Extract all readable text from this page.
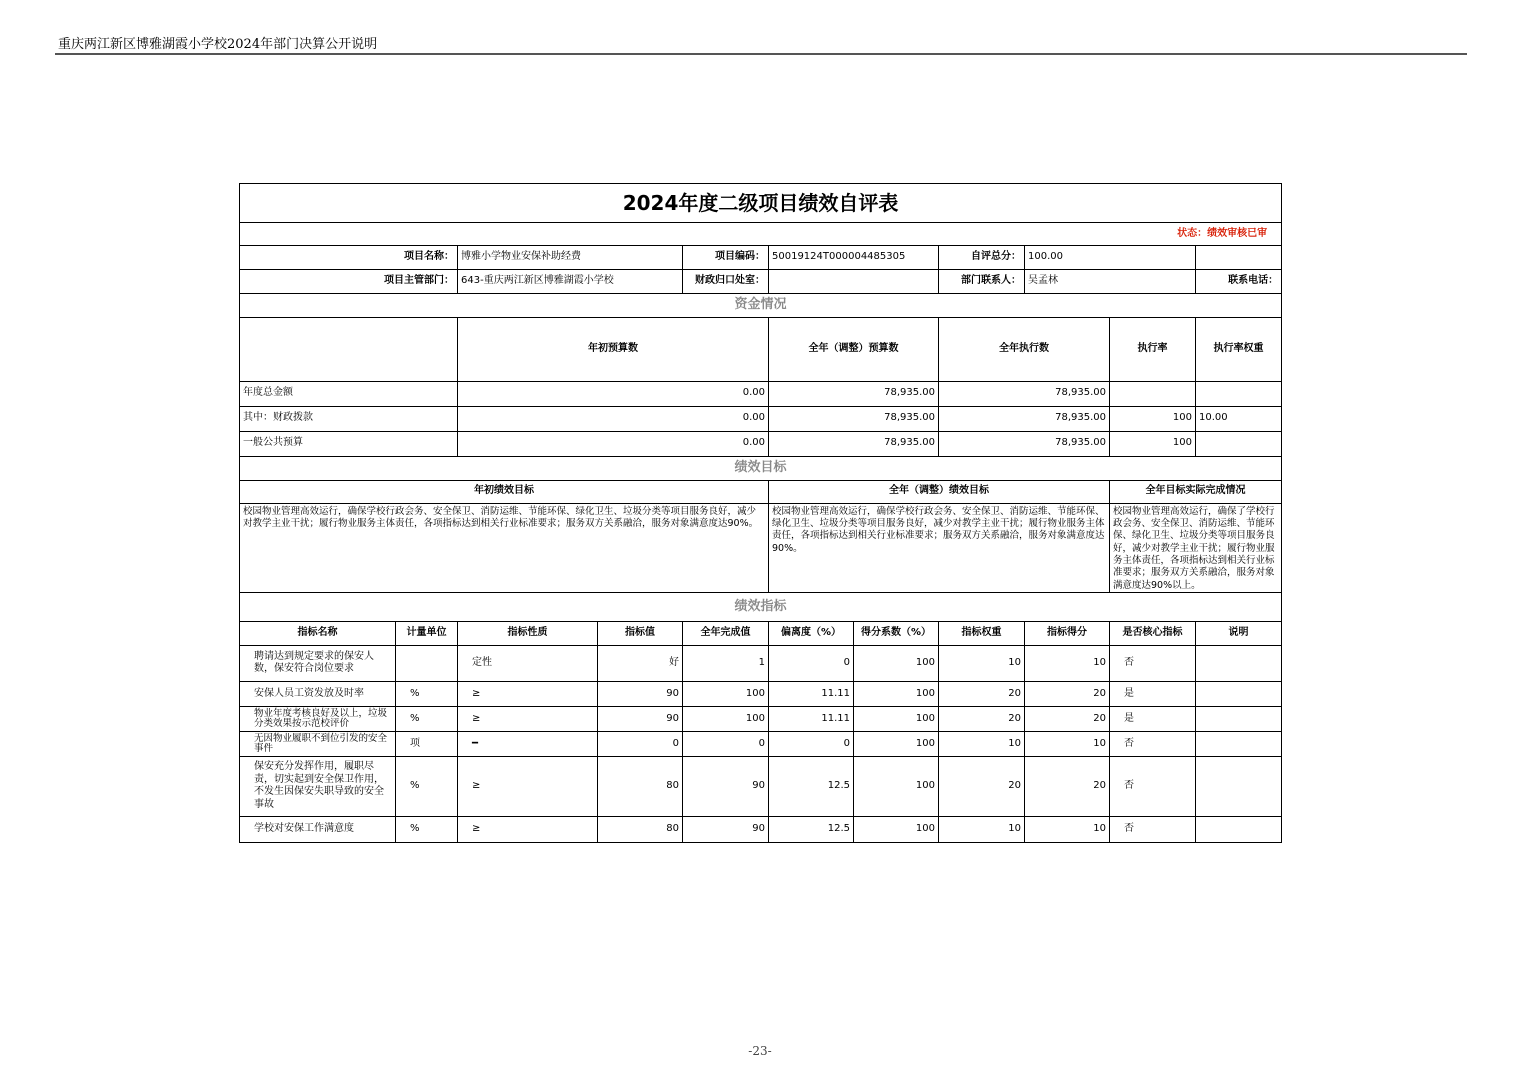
重庆两江新区博雅湖霞小学校2024年部门决算公开说明
2024年度二级项目绩效自评表											
状态：绩效审核已审											
项目名称：		博雅小学物业安保补助经费		项目编码：	50019124T000004485305		自评总分：	100.00			
项目主管部门：		643-重庆两江新区博雅湖霞小学校		财政归口处室：			部门联系人：	吴孟林		联系电话：	
资金情况											
		年初预算数			全年（调整）预算数		全年执行数		执行率	执行率权重	
年度总金额		0.00			78,935.00		78,935.00				
其中：财政拨款		0.00			78,935.00		78,935.00		100	10.00	
一般公共预算		0.00			78,935.00		78,935.00		100		
绩效目标											
年初绩效目标					全年（调整）绩效目标				全年目标实际完成情况		
校园物业管理高效运行，确保学校行政会务、安全保卫、消防运维、节能环保、绿化卫生、垃圾分类等项目服务良好，减少对教学主业干扰；履行物业服务主体责任，各项指标达到相关行业标准要求；服务双方关系融洽，服务对象满意度达90%。					校园物业管理高效运行，确保学校行政会务、安全保卫、消防运维、节能环保、绿化卫生、垃圾分类等项目服务良好，减少对教学主业干扰；履行物业服务主体责任，各项指标达到相关行业标准要求；服务双方关系融洽，服务对象满意度达90%。				校园物业管理高效运行，确保了学校行政会务、安全保卫、消防运维、节能环保、绿化卫生、垃圾分类等项目服务良好，减少对教学主业干扰；履行物业服务主体责任，各项指标达到相关行业标准要求；服务双方关系融洽，服务对象满意度达90%以上。		
绩效指标											
指标名称	计量单位	指标性质	指标值	全年完成值	偏离度（%）	得分系数（%）	指标权重	指标得分	是否核心指标	说明	
聘请达到规定要求的保安人数，保安符合岗位要求		定性	好	1	0	100	10	10	否		
安保人员工资发放及时率	%	≥	90	100	11.11	100	20	20	是		
物业年度考核良好及以上，垃圾分类效果按示范校评价	%	≥	90	100	11.11	100	20	20	是		
无因物业履职不到位引发的安全事件	项	━	0	0	0	100	10	10	否		
保安充分发挥作用，履职尽责，切实起到安全保卫作用，不发生因保安失职导致的安全事故	%	≥	80	90	12.5	100	20	20	否		
学校对安保工作满意度	%	≥	80	90	12.5	100	10	10	否		
-23-
